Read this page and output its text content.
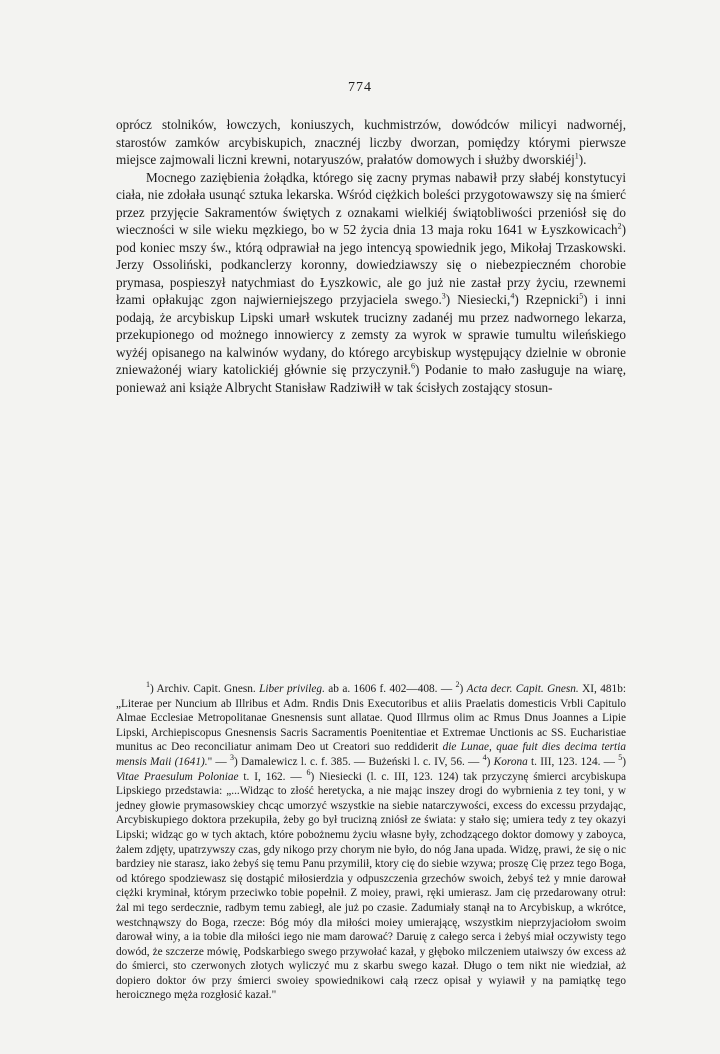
774

oprócz stolników, łowczych, koniuszych, kuchmistrzów, dowódców milicyi nadwornéj, starostów zamków arcybiskupich, znacznéj liczby dworzan, pomiędzy którymi pierwsze miejsce zajmowali liczni krewni, notaryuszów, prałatów domowych i służby dworskiéj$^1$).

Mocnego zaziębienia żołądka, którego się zacny prymas nabawił przy słabéj konstytucyi ciała, nie zdołała usunąć sztuka lekarska. Wśród ciężkich boleści przygotowawszy się na śmierć przez przyjęcie Sakramentów świętych z oznakami wielkiéj świątobliwości przeniósł się do wieczności w sile wieku męzkiego, bo w 52 życia dnia 13 maja roku 1641 w Łyszkowicach$^2$) pod koniec mszy św., którą odprawiał na jego intencyą spowiednik jego, Mikołaj Trzaskowski. Jerzy Ossoliński, podkanclerzy koronny, dowiedziawszy się o niebezpieczném chorobie prymasa, pospieszył natychmiast do Łyszkowic, ale go już nie zastał przy życiu, rzewnemi łzami opłakując zgon najwierniejszego przyjaciela swego.$^3$) Niesiecki,$^4$) Rzepnicki$^5$) i inni podają, że arcybiskup Lipski umarł wskutek trucizny zadanéj mu przez nadwornego lekarza, przekupionego od możnego innowiercy z zemsty za wyrok w sprawie tumultu wileńskiego wyżéj opisanego na kalwinów wydany, do którego arcybiskup występujący dzielnie w obronie znieważonéj wiary katolickiéj głównie się przyczynił.$^6$) Podanie to mało zasługuje na wiarę, ponieważ ani książe Albrycht Stanisław Radziwiłł w tak ścisłych zostający stosun-

$^1$) Archiv. Capit. Gnesn. Liber privileg. ab a. 1606 f. 402—408. — $^2$) Acta decr. Capit. Gnesn. XI, 481b: „Literae per Nuncium ab Illribus et Adm. Rndis Dnis Executoribus et aliis Praelatis domesticis Vrbli Capitulo Almae Ecclesiae Metropolitanae Gnesnensis sunt allatae. Quod Illrmus olim ac Rmus Dnus Joannes a Lipie Lipski, Archiepiscopus Gnesnensis Sacris Sacramentis Poenitentiae et Extremae Unctionis ac SS. Eucharistiae munitus ac Deo reconciliatur animam Deo ut Creatori suo reddiderit die Lunae, quae fuit dies decima tertia mensis Maii (1641)." — $^3$) Damalewicz l. c. f. 385. — Bużeński l. c. IV, 56. — $^4$) Korona t. III, 123. 124. — $^5$) Vitae Praesulum Poloniae t. I, 162. — $^6$) Niesiecki (l. c. III, 123. 124) tak przyczynę śmierci arcybiskupa Lipskiego przedstawia: „...Widząc to złość heretycka, a nie mając inszey drogi do wybrnienia z tey toni, y w jedney głowie prymasowskiey chcąc umorzyć wszystkie na siebie natarczywości, excess do excessu przydając, Arcybiskupiego doktora przekupiła, żeby go był trucizną zniósł ze świata: y stało się; umiera tedy z tey okazyi Lipski; widząc go w tych aktach, które pobożnemu życiu własne były, zchodzącego doktor domowy y zaboyca, żalem zdjęty, upatrzywszy czas, gdy nikogo przy chorym nie było, do nóg Jana upada. Widzę, prawi, że się o nic bardziey nie starasz, iako żebyś się temu Panu przymilił, ktory cię do siebie wzywa; proszę Cię przez tego Boga, od którego spodziewasz się dostąpić miłosierdzia y odpuszczenia grzechów swoich, żebyś też y mnie darował ciężki kryminał, którym przeciwko tobie popełnił. Z moiey, prawi, ręki umierasz. Jam cię przedarowany otruł: żal mi tego serdecznie, radbym temu zabiegł, ale już po czasie. Zadumiały stanął na to Arcybiskup, a wkrótce, westchnąwszy do Boga, rzecze: Bóg móy dla miłości moiey umierającę, wszystkim nieprzyjaciołom swoim darował winy, a ia tobie dla miłości iego nie mam darować? Daruię z całego serca i żebyś miał oczywisty tego dowód, że szczerze mówię, Podskarbiego swego przywołać kazał, y głęboko milczeniem utaiwszy ów excess aż do śmierci, sto czerwonych złotych wyliczyć mu z skarbu swego kazał. Długo o tem nikt nie wiedział, aż dopiero doktor ów przy śmierci swoiey spowiednikowi całą rzecz opisał y wyiawił y na pamiątkę tego heroicznego męża rozgłosić kazał."
